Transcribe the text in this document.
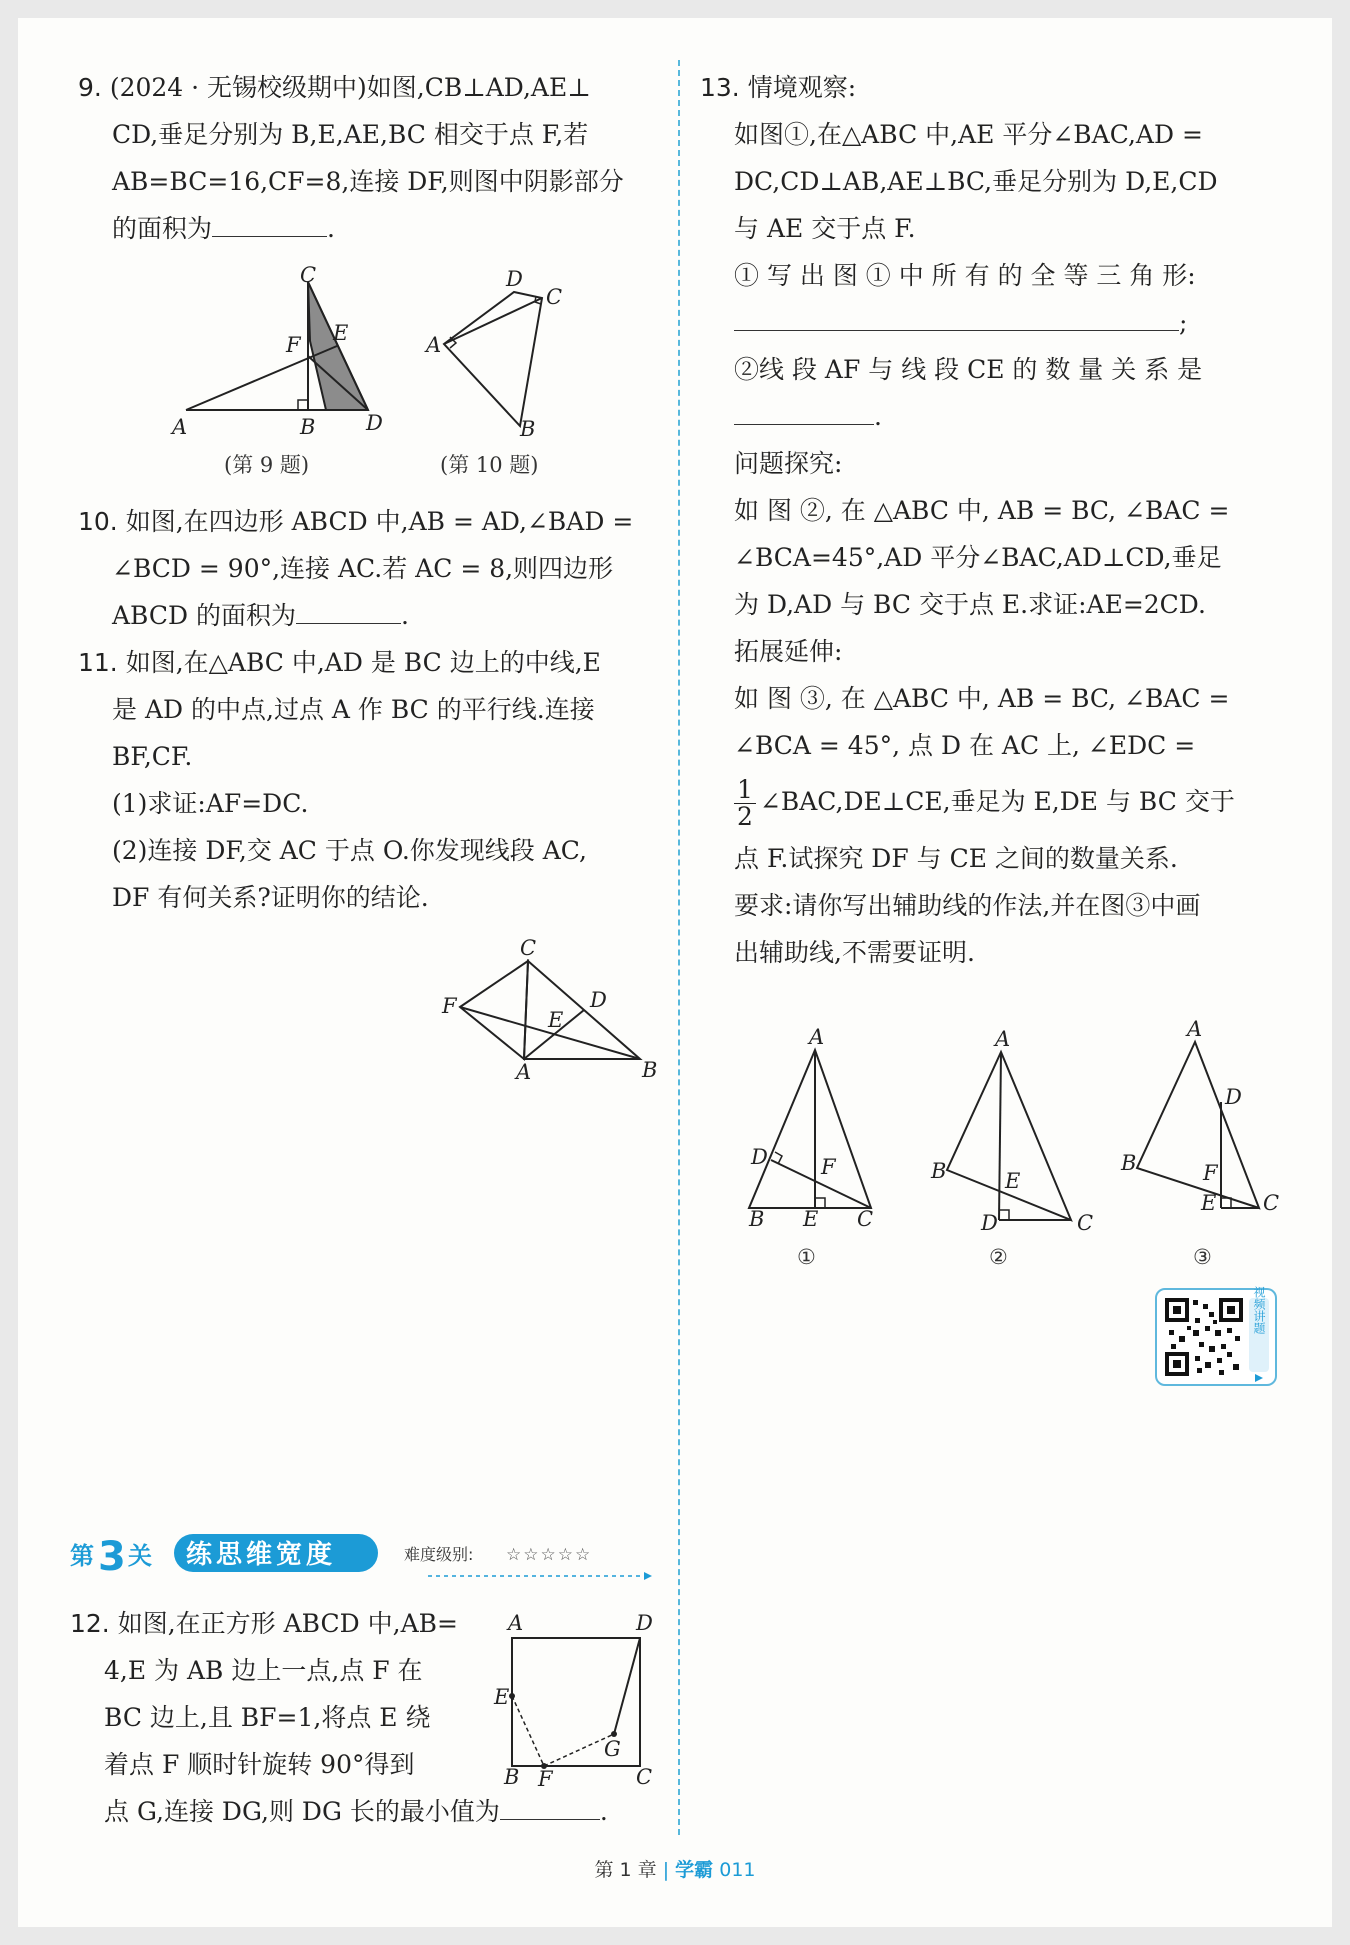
9. (2024 · 无锡校级期中)如图,CB⊥AD,AE⊥

CD,垂足分别为 B,E,AE,BC 相交于点 F,若

AB=BC=16,CF=8,连接 DF,则图中阴影部分

的面积为	.

A	B
C
D
E
F
(第 9 题)
A
B
C
D
(第 10 题)

10. 如图,在四边形 ABCD 中,AB = AD,∠BAD =

∠BCD = 90°,连接 AC.若 AC = 8,则四边形

ABCD 的面积为	.

11. 如图,在△ABC 中,AD 是 BC 边上的中线,E

是 AD 的中点,过点 A 作 BC 的平行线.连接

BF,CF.

(1)求证:AF=DC.

(2)连接 DF,交 AC 于点 O.你发现线段 AC,

DF 有何关系?证明你的结论.

C
F
A	B
D
E
第 3 关 练思维宽度	难度级别: ☆☆☆☆☆

12. 如图,在正方形 ABCD 中,AB=

4,E 为 AB 边上一点,点 F 在

BC 边上,且 BF=1,将点 E 绕

着点 F 顺时针旋转 90°得到

点 G,连接 DG,则 DG 长的最小值为	.

A	D
E
B F	C
G

13. 情境观察:

如图①,在△ABC 中,AE 平分∠BAC,AD =

DC,CD⊥AB,AE⊥BC,垂足分别为 D,E,CD

与 AE 交于点 F.

① 写 出 图 ① 中 所 有 的 全 等 三 角 形:

;

②线 段 AF 与 线 段 CE 的 数 量 关 系 是

.

问题探究:

如 图 ②, 在 △ABC 中, AB = BC, ∠BAC =

∠BCA=45°,AD 平分∠BAC,AD⊥CD,垂足

为 D,AD 与 BC 交于点 E.求证:AE=2CD.

拓展延伸:

如 图 ③, 在 △ABC 中, AB = BC, ∠BAC =

∠BCA = 45°, 点 D 在 AC 上, ∠EDC =

$\frac{1}{2}$ ∠BAC,DE⊥CE,垂足为 E,DE 与 BC 交于

点 F.试探究 DF 与 CE 之间的数量关系.

要求:请你写出辅助线的作法,并在图③中画

出辅助线,不需要证明.

A
B E C
D	F
①
A
B	E
D	C
②
A
D
B	F
E C
③
视频讲题
第 1 章 | 学霸 011
